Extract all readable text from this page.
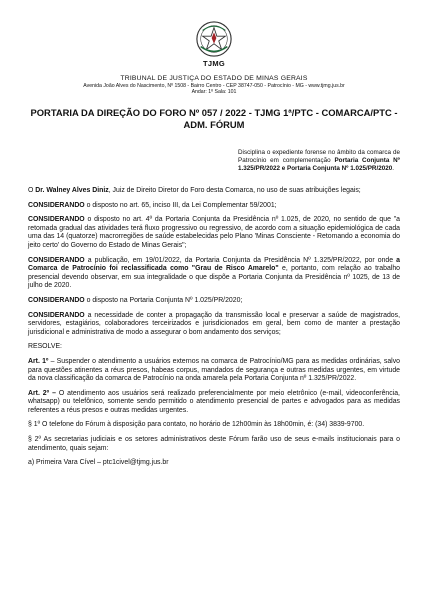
TJMG
TRIBUNAL DE JUSTIÇA DO ESTADO DE MINAS GERAIS
Avenida João Alves do Nascimento, Nº 1508 - Bairro Centro - CEP 38747-050 - Patrocínio - MG - www.tjmg.jus.br
Andar: 1º Sala: 101
PORTARIA DA DIREÇÃO DO FORO Nº 057 / 2022 - TJMG 1ª/PTC - COMARCA/PTC - ADM. FÓRUM
Disciplina o expediente forense no âmbito da comarca de Patrocínio em complementação Portaria Conjunta Nº 1.325/PR/2022 e Portaria Conjunta Nº 1.025/PR/2020.

O Dr. Walney Alves Diniz, Juiz de Direito Diretor do Foro desta Comarca, no uso de suas atribuições legais;

CONSIDERANDO o disposto no art. 65, inciso III, da Lei Complementar 59/2001;

CONSIDERANDO o disposto no art. 4º da Portaria Conjunta da Presidência nº 1.025, de 2020, no sentido de que "a retomada gradual das atividades terá fluxo progressivo ou regressivo, de acordo com a situação epidemiológica de cada uma das 14 (quatorze) macrorregiões de saúde estabelecidas pelo Plano 'Minas Consciente - Retomando a economia do jeito certo' do Governo do Estado de Minas Gerais";

CONSIDERANDO a publicação, em 19/01/2022, da Portaria Conjunta da Presidência Nº 1.325/PR/2022, por onde a Comarca de Patrocínio foi reclassificada como "Grau de Risco Amarelo" e, portanto, com relação ao trabalho presencial devendo observar, em sua integralidade o que dispõe a Portaria Conjunta da Presidência nº 1025, de 13 de julho de 2020.

CONSIDERANDO o disposto na Portaria Conjunta Nº 1.025/PR/2020;

CONSIDERANDO a necessidade de conter a propagação da transmissão local e preservar a saúde de magistrados, servidores, estagiários, colaboradores terceirizados e jurisdicionados em geral, bem como de manter a prestação jurisdicional e administrativa de modo a assegurar o bom andamento dos serviços;

RESOLVE:

Art. 1º – Suspender o atendimento a usuários externos na comarca de Patrocínio/MG para as medidas ordinárias, salvo para questões atinentes a réus presos, habeas corpus, mandados de segurança e outras medidas urgentes, em virtude da nova classificação da comarca de Patrocínio na onda amarela pela Portaria Conjunta nº 1.325/PR/2022.

Art. 2º – O atendimento aos usuários será realizado preferencialmente por meio eletrônico (e-mail, videoconferência, whatsapp) ou telefônico, somente sendo permitido o atendimento presencial de partes e advogados para as medidas referentes a réus presos e outras medidas urgentes.

§ 1º O telefone do Fórum à disposição para contato, no horário de 12h00min às 18h00min, é: (34) 3839-9700.

§ 2º As secretarias judiciais e os setores administrativos deste Fórum farão uso de seus e-mails institucionais para o atendimento, quais sejam:

a) Primeira Vara Cível – ptc1civel@tjmg.jus.br
